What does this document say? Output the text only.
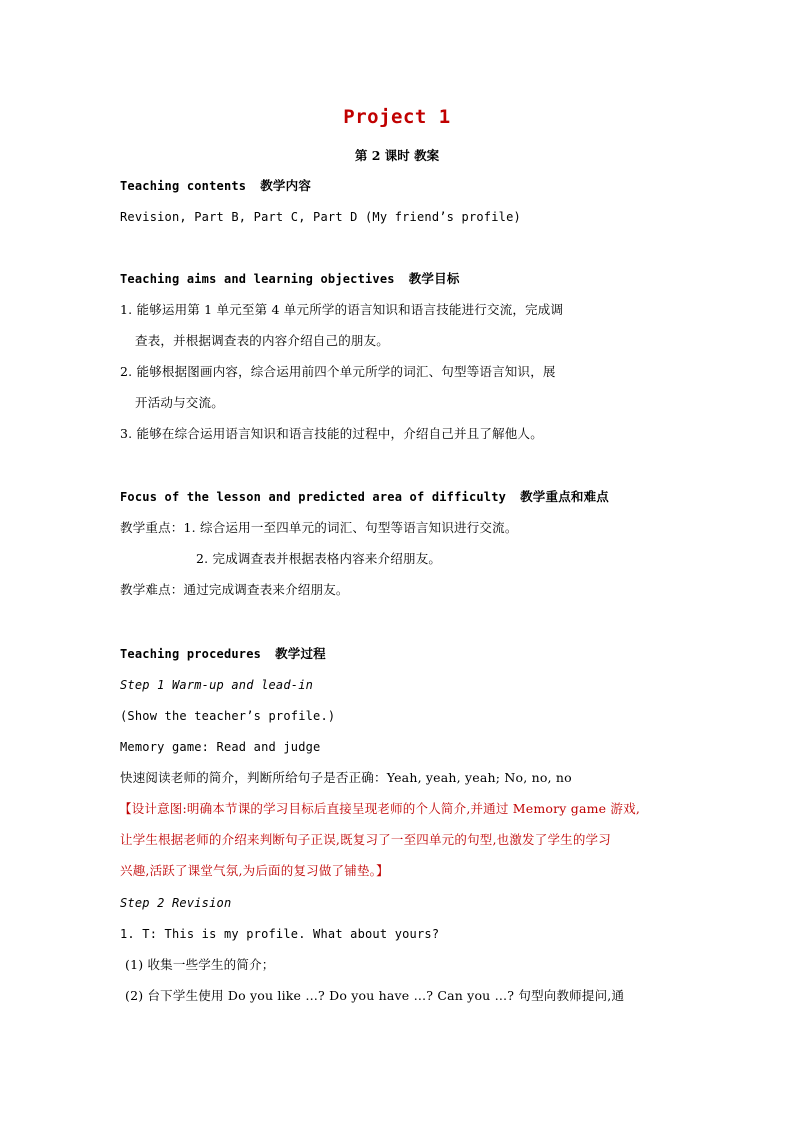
Project 1
第 2 课时 教案
Teaching contents 教学内容
Revision, Part B, Part C, Part D (My friend’s profile)
Teaching aims and learning objectives 教学目标
1. 能够运用第 1 单元至第 4 单元所学的语言知识和语言技能进行交流，完成调
查表，并根据调查表的内容介绍自己的朋友。
2. 能够根据图画内容，综合运用前四个单元所学的词汇、句型等语言知识，展
开活动与交流。
3. 能够在综合运用语言知识和语言技能的过程中，介绍自己并且了解他人。
Focus of the lesson and predicted area of difficulty 教学重点和难点
教学重点：1. 综合运用一至四单元的词汇、句型等语言知识进行交流。
2. 完成调查表并根据表格内容来介绍朋友。
教学难点：通过完成调查表来介绍朋友。
Teaching procedures 教学过程
Step 1 Warm-up and lead-in
(Show the teacher’s profile.)
Memory game: Read and judge
快速阅读老师的简介，判断所给句子是否正确：Yeah, yeah, yeah; No, no, no
【设计意图:明确本节课的学习目标后直接呈现老师的个人简介,并通过 Memory game 游戏,
让学生根据老师的介绍来判断句子正误,既复习了一至四单元的句型,也激发了学生的学习
兴趣,活跃了课堂气氛,为后面的复习做了铺垫。】
Step 2 Revision
1. T: This is my profile. What about yours?
(1) 收集一些学生的简介；
(2) 台下学生使用 Do you like …? Do you have …? Can you …? 句型向教师提问,通
